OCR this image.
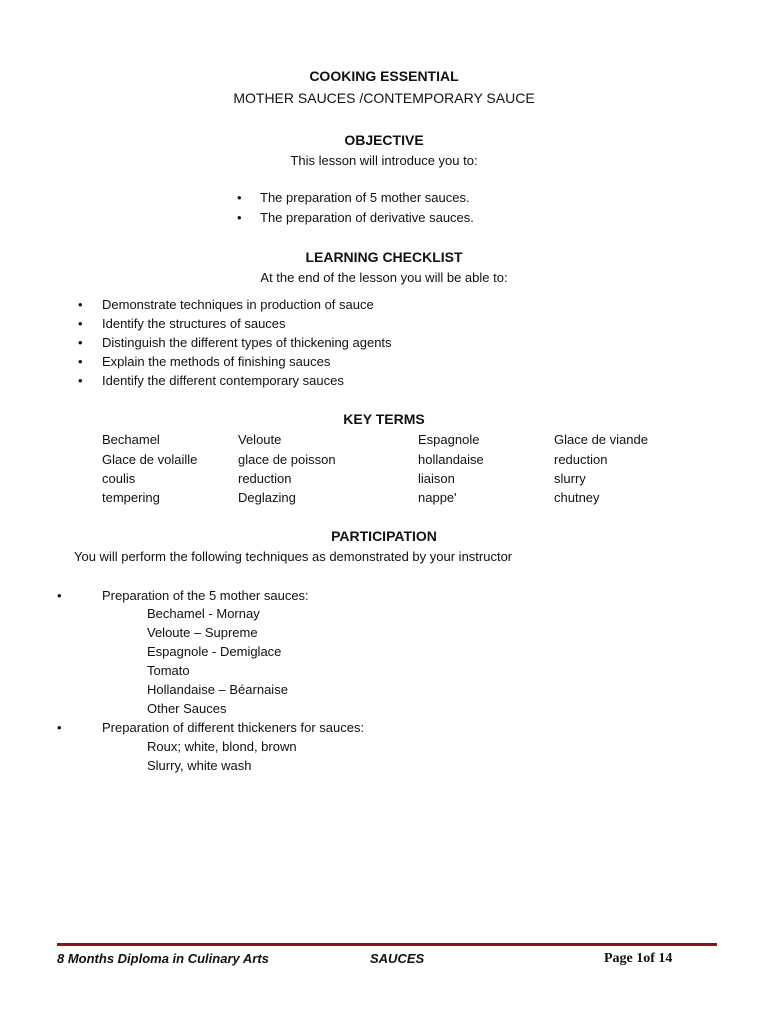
COOKING ESSENTIAL
MOTHER SAUCES /CONTEMPORARY SAUCE
OBJECTIVE
This lesson will introduce you to:
• The preparation of 5 mother sauces.
• The preparation of derivative sauces.
LEARNING CHECKLIST
At the end of the lesson you will be able to:
• Demonstrate techniques in production of sauce
• Identify the structures of sauces
• Distinguish the different types of thickening agents
• Explain the methods of finishing sauces
• Identify the different contemporary sauces
KEY TERMS
Bechamel	Veloute	Espagnole	Glace de viande
Glace de volaille	glace de poisson	hollandaise	reduction
coulis	reduction	liaison	slurry
tempering	Deglazing	nappe'	chutney
PARTICIPATION
You will perform the following techniques as demonstrated by your instructor
•	Preparation of the 5 mother sauces:
Bechamel - Mornay
Veloute – Supreme
Espagnole - Demiglace
Tomato
Hollandaise – Béarnaise
Other Sauces
•	Preparation of different thickeners for sauces:
Roux; white, blond, brown
Slurry, white wash
8 Months Diploma in Culinary Arts	SAUCES	Page 1of 14
